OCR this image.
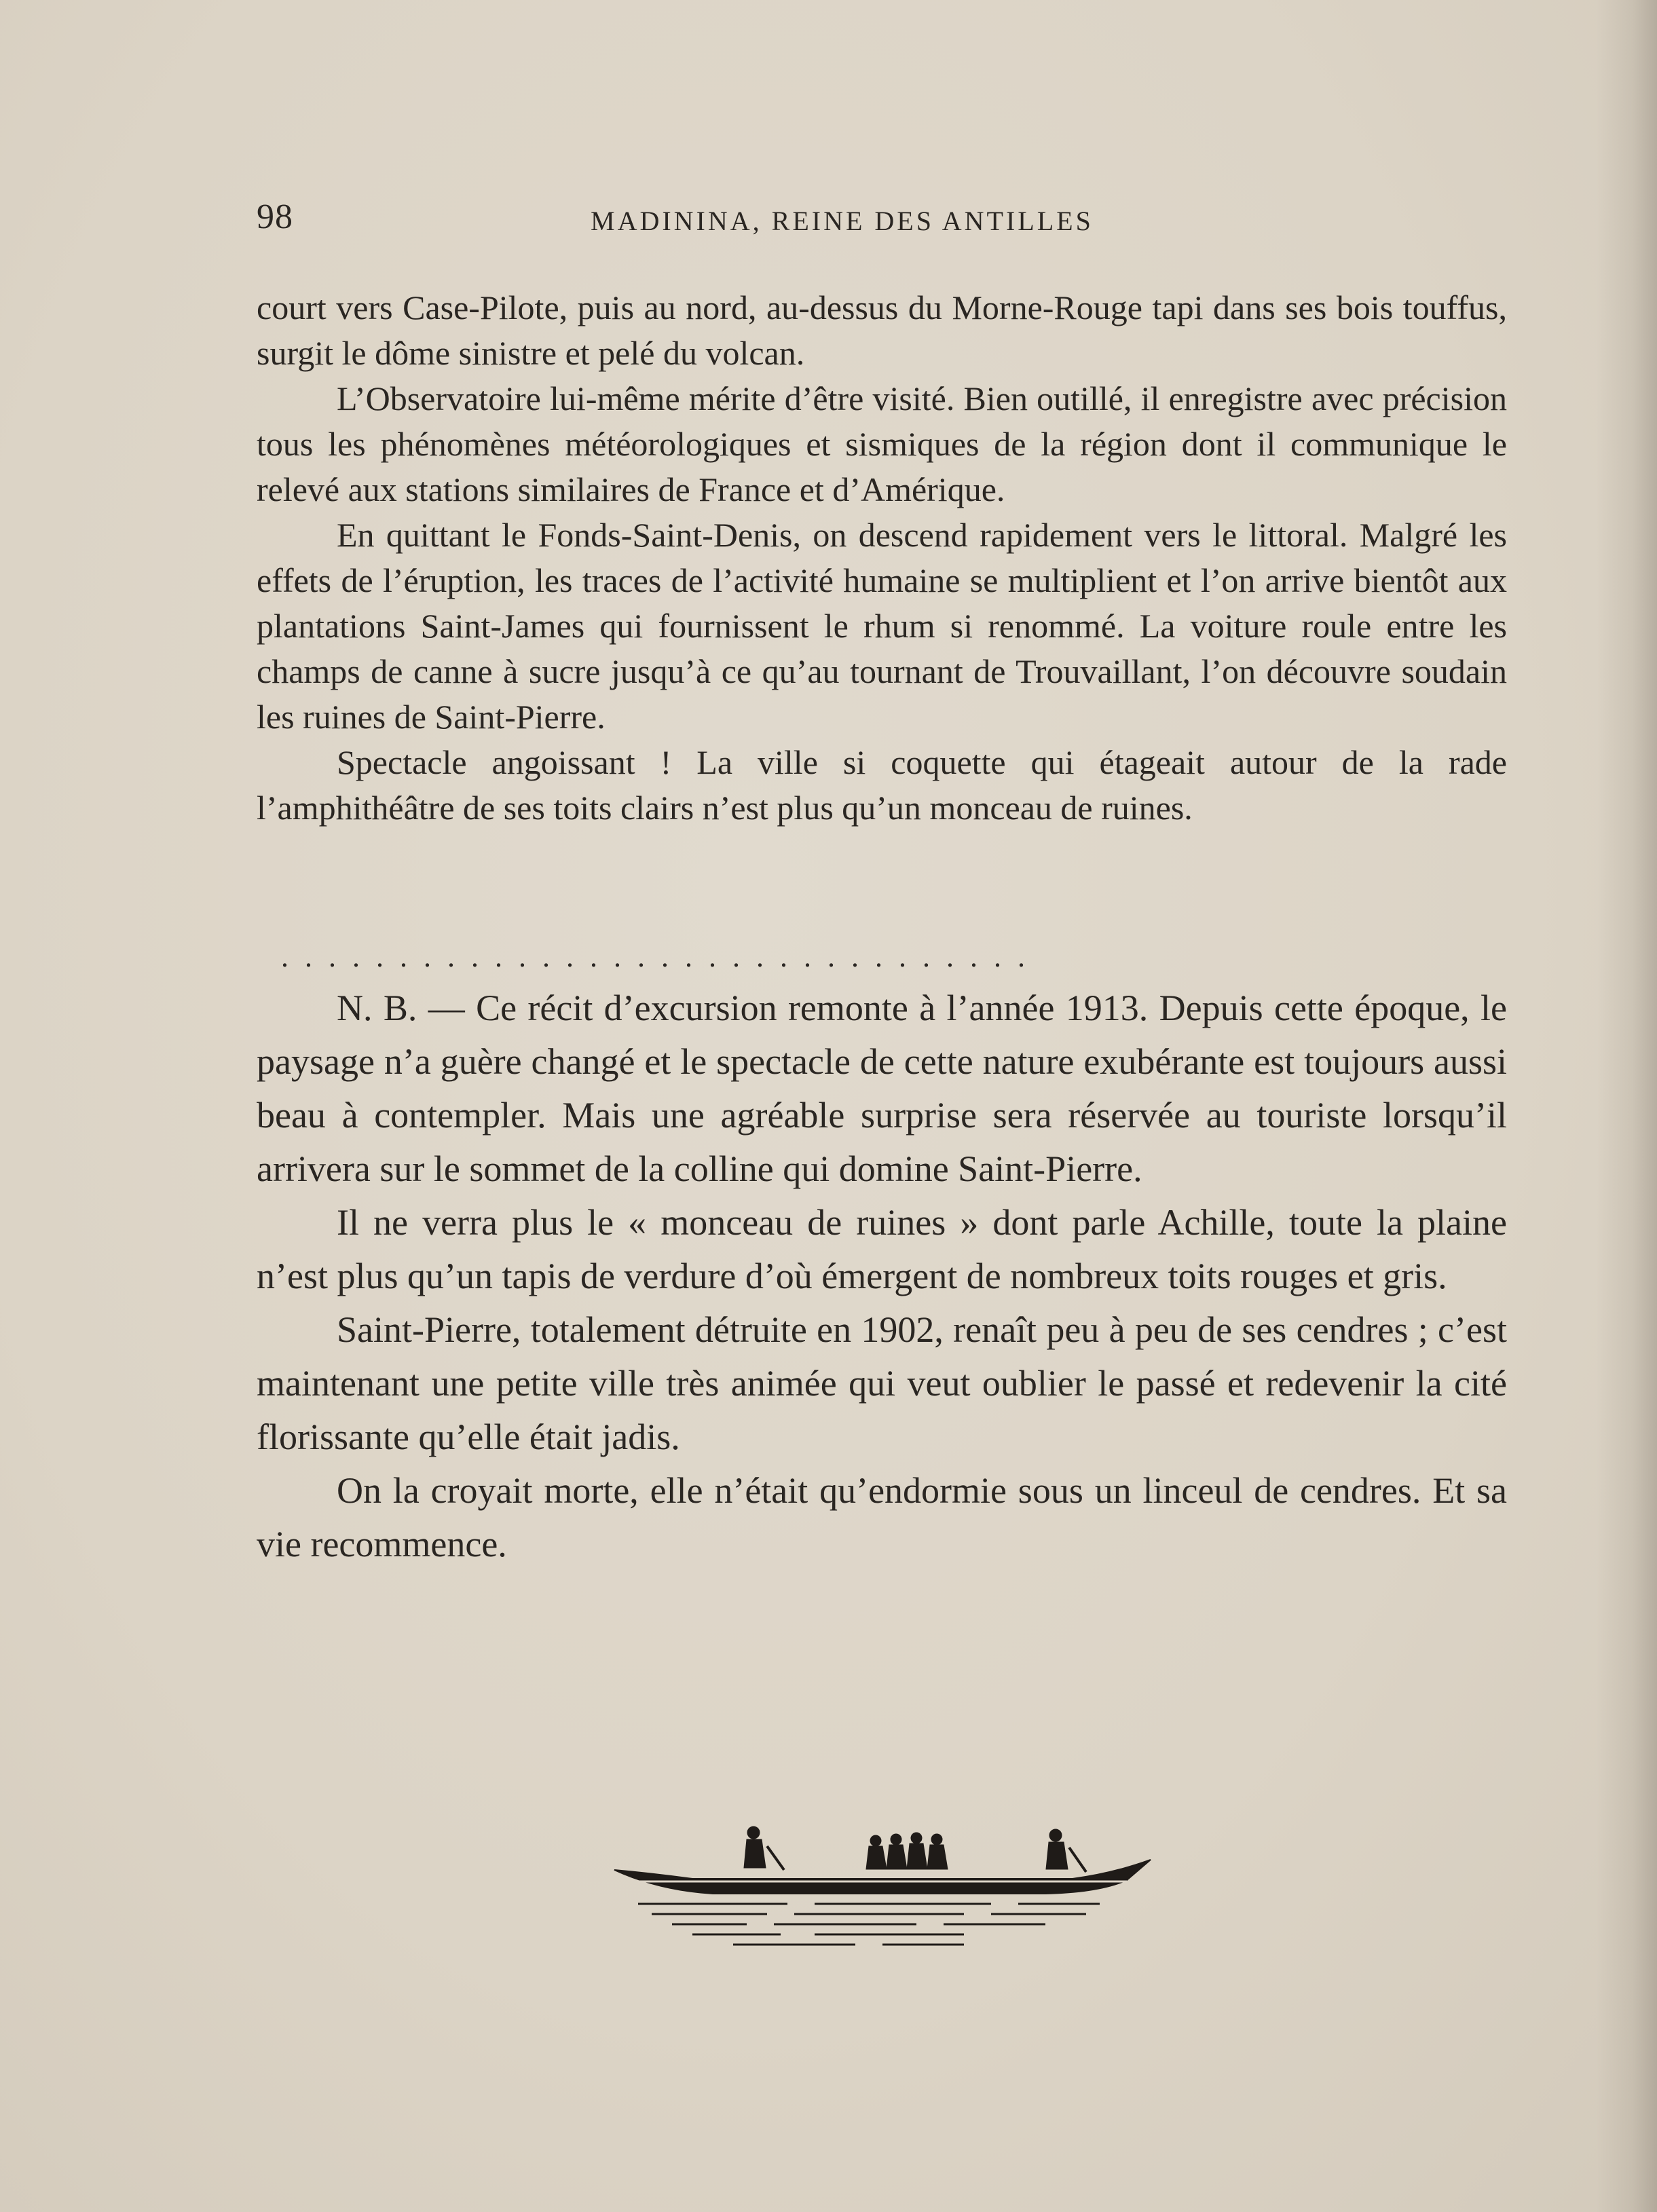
98	MADININA, REINE DES ANTILLES

court vers Case-Pilote, puis au nord, au-dessus du Morne-Rouge tapi dans ses bois touffus, surgit le dôme sinistre et pelé du volcan.

L’Observatoire lui-même mérite d’être visité. Bien outillé, il enregistre avec précision tous les phénomènes météorologiques et sismiques de la région dont il communique le relevé aux stations similaires de France et d’Amérique.

En quittant le Fonds-Saint-Denis, on descend rapidement vers le littoral. Malgré les effets de l’éruption, les traces de l’activité humaine se multiplient et l’on arrive bientôt aux plantations Saint-James qui fournissent le rhum si renommé. La voiture roule entre les champs de canne à sucre jusqu’à ce qu’au tournant de Trouvaillant, l’on découvre soudain les ruines de Saint-Pierre.

Spectacle angoissant ! La ville si coquette qui étageait autour de la rade l’amphithéâtre de ses toits clairs n’est plus qu’un monceau de ruines.

................................

N. B. — Ce récit d’excursion remonte à l’année 1913. Depuis cette époque, le paysage n’a guère changé et le spectacle de cette nature exubérante est toujours aussi beau à contempler. Mais une agréable surprise sera réservée au touriste lorsqu’il arrivera sur le sommet de la colline qui domine Saint-Pierre.

Il ne verra plus le « monceau de ruines » dont parle Achille, toute la plaine n’est plus qu’un tapis de verdure d’où émergent de nombreux toits rouges et gris.

Saint-Pierre, totalement détruite en 1902, renaît peu à peu de ses cendres ; c’est maintenant une petite ville très animée qui veut oublier le passé et redevenir la cité florissante qu’elle était jadis.

On la croyait morte, elle n’était qu’endormie sous un linceul de cendres. Et sa vie recommence.
